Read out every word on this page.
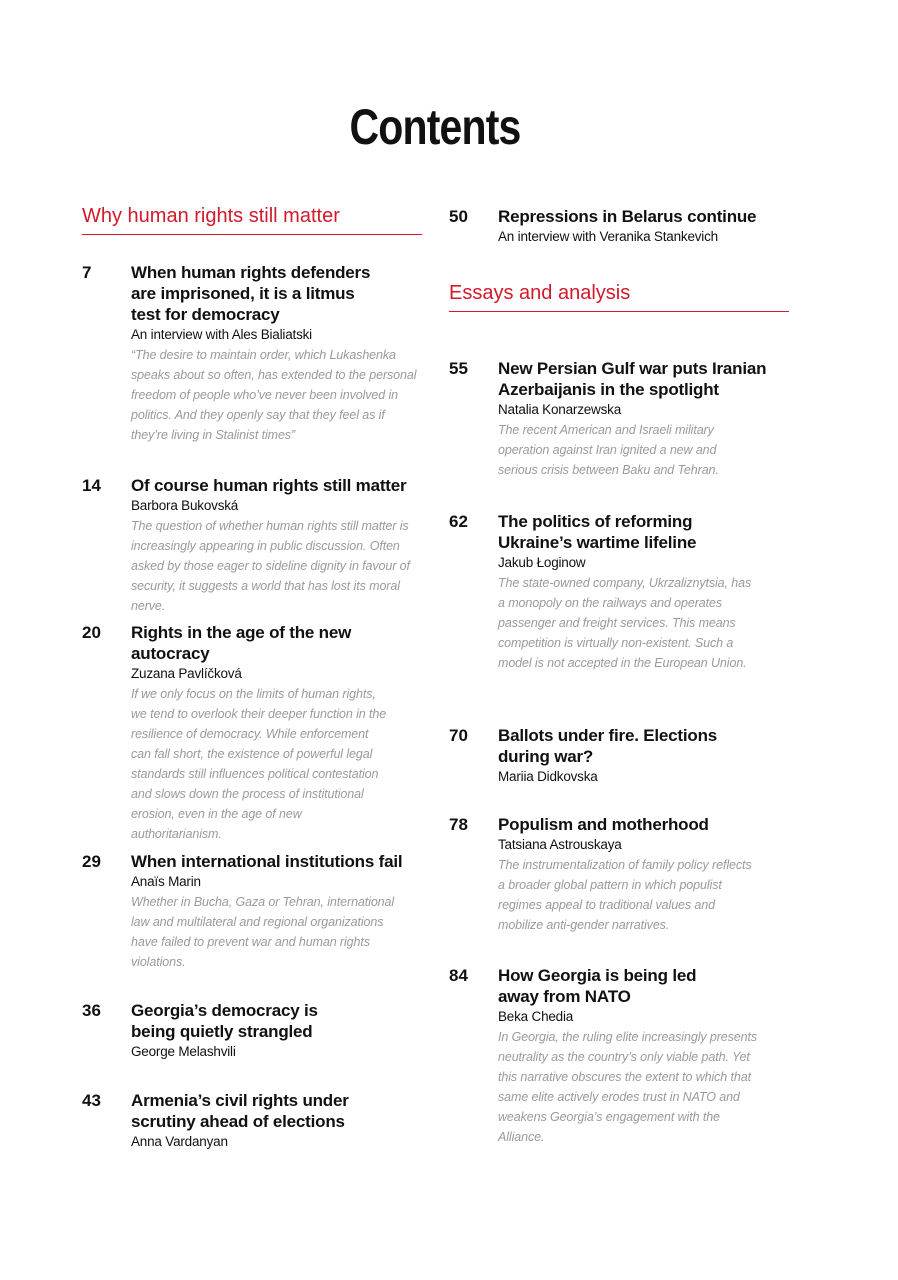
Contents
Why human rights still matter
7	When human rights defenders are imprisoned, it is a litmus test for democracy
An interview with Ales Bialiatski
“The desire to maintain order, which Lukashenka speaks about so often, has extended to the personal freedom of people who’ve never been involved in politics. And they openly say that they feel as if they’re living in Stalinist times”
14	Of course human rights still matter
Barbora Bukovská
The question of whether human rights still matter is increasingly appearing in public discussion. Often asked by those eager to sideline dignity in favour of security, it suggests a world that has lost its moral nerve.
20	Rights in the age of the new autocracy
Zuzana Pavlíčková
If we only focus on the limits of human rights, we tend to overlook their deeper function in the resilience of democracy. While enforcement can fall short, the existence of powerful legal standards still influences political contestation and slows down the process of institutional erosion, even in the age of new authoritarianism.
29	When international institutions fail
Anaïs Marin
Whether in Bucha, Gaza or Tehran, international law and multilateral and regional organizations have failed to prevent war and human rights violations.
36	Georgia’s democracy is being quietly strangled
George Melashvili
43	Armenia’s civil rights under scrutiny ahead of elections
Anna Vardanyan
50	Repressions in Belarus continue
An interview with Veranika Stankevich
Essays and analysis
55	New Persian Gulf war puts Iranian Azerbaijanis in the spotlight
Natalia Konarzewska
The recent American and Israeli military operation against Iran ignited a new and serious crisis between Baku and Tehran.
62	The politics of reforming Ukraine’s wartime lifeline
Jakub Łoginow
The state-owned company, Ukrzaliznytsia, has a monopoly on the railways and operates passenger and freight services. This means competition is virtually non-existent. Such a model is not accepted in the European Union.
70	Ballots under fire. Elections during war?
Mariia Didkovska
78	Populism and motherhood
Tatsiana Astrouskaya
The instrumentalization of family policy reflects a broader global pattern in which populist regimes appeal to traditional values and mobilize anti-gender narratives.
84	How Georgia is being led away from NATO
Beka Chedia
In Georgia, the ruling elite increasingly presents neutrality as the country’s only viable path. Yet this narrative obscures the extent to which that same elite actively erodes trust in NATO and weakens Georgia’s engagement with the Alliance.
